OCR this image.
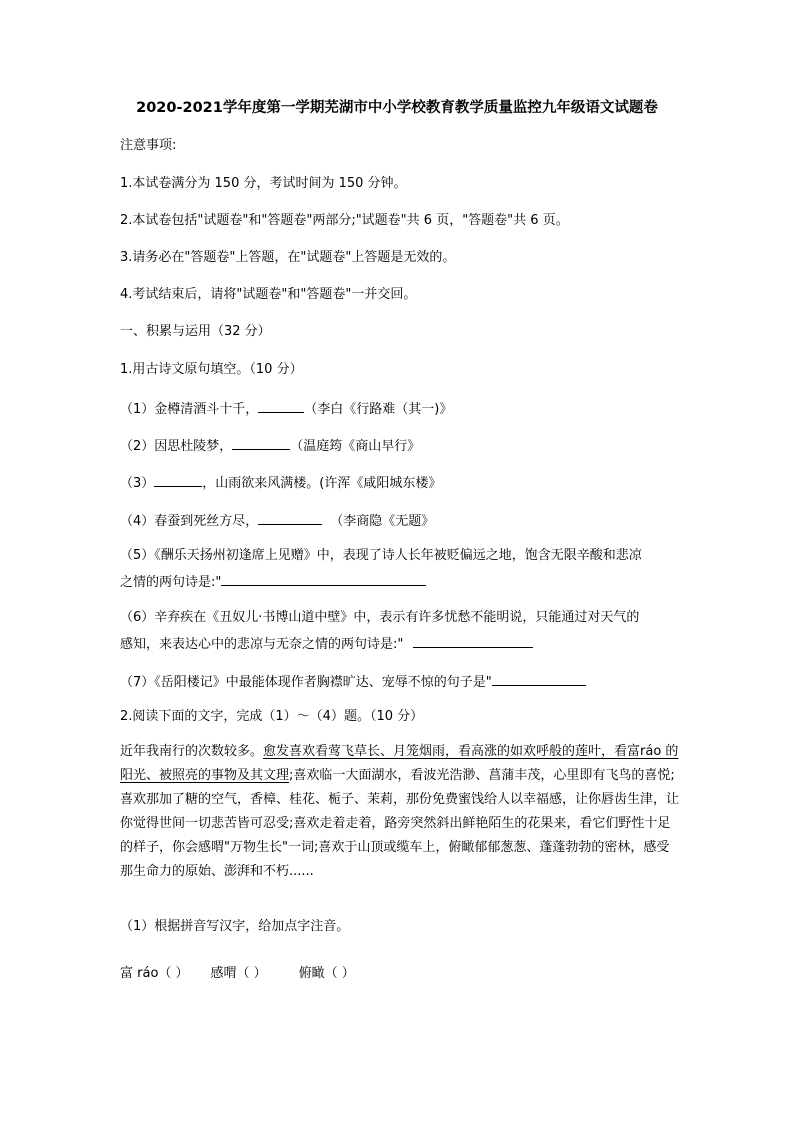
2020-2021学年度第一学期芜湖市中小学校教育教学质量监控九年级语文试题卷
注意事项:
1.本试卷满分为 150 分，考试时间为 150 分钟。
2.本试卷包括"试题卷"和"答题卷"两部分;"试题卷"共 6 页，"答题卷"共 6 页。
3.请务必在"答题卷"上答题，在"试题卷"上答题是无效的。
4.考试结束后，请将"试题卷"和"答题卷"一并交回。
一、积累与运用（32 分）
1.用古诗文原句填空。（10 分）
（1）金樽清酒斗十千，	（李白《行路难（其一)》
（2）因思杜陵梦，	（温庭筠《商山早行》
（3）	，山雨欲来风满楼。(许浑《咸阳城东楼》
（4）春蚕到死丝方尽，	（李商隐《无题》
（5）《酬乐天扬州初逢席上见赠》中，表现了诗人长年被贬偏远之地，饱含无限辛酸和悲凉
之情的两句诗是:"
（6）辛弃疾在《丑奴儿·书博山道中壁》中，表示有许多忧愁不能明说，只能通过对天气的
感知，来表达心中的悲凉与无奈之情的两句诗是:"
（7）《岳阳楼记》中最能体现作者胸襟旷达、宠辱不惊的句子是"
2.阅读下面的文字，完成（1）～（4）题。（10 分）
近年我南行的次数较多。愈发喜欢看莺飞草长、月笼烟雨，看高涨的如欢呼般的莲叶，看富ráo 的阳光、被照亮的事物及其文理;喜欢临一大面湖水，看波光浩渺、菖蒲丰茂，心里即有飞鸟的喜悦;喜欢那加了糖的空气，香樟、桂花、栀子、茉莉，那份免费蜜饯给人以幸福感，让你唇齿生津，让你觉得世间一切悲苦皆可忍受;喜欢走着走着，路旁突然斜出鲜艳陌生的花果来，看它们野性十足的样子，你会感喟"万物生长"一词;喜欢于山顶或缆车上，俯瞰郁郁葱葱、蓬蓬勃勃的密林，感受那生命力的原始、澎湃和不朽......
（1）根据拼音写汉字，给加点字注音。
富 ráo（ ） 感喟（ ） 俯瞰（ ）
